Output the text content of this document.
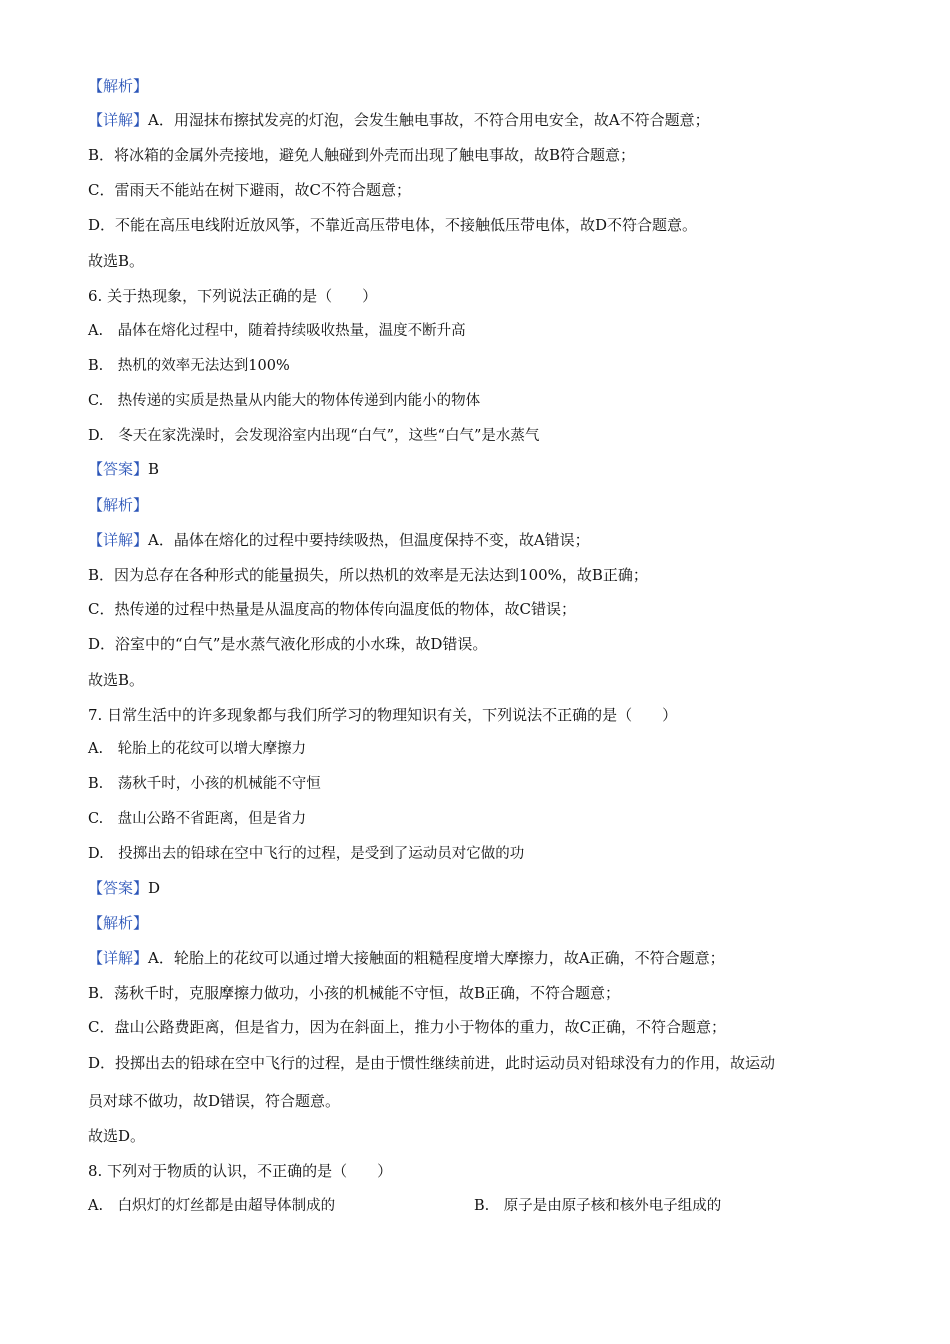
【解析】
【详解】A．用湿抹布擦拭发亮的灯泡，会发生触电事故，不符合用电安全，故A不符合题意；
B．将冰箱的金属外壳接地，避免人触碰到外壳而出现了触电事故，故B符合题意；
C．雷雨天不能站在树下避雨，故C不符合题意；
D．不能在高压电线附近放风筝，不靠近高压带电体，不接触低压带电体，故D不符合题意。
故选B。
6. 关于热现象，下列说法正确的是（　　）
A.　晶体在熔化过程中，随着持续吸收热量，温度不断升高
B.　热机的效率无法达到100%
C.　热传递的实质是热量从内能大的物体传递到内能小的物体
D.　冬天在家洗澡时，会发现浴室内出现“白气”，这些“白气”是水蒸气
【答案】B
【解析】
【详解】A．晶体在熔化的过程中要持续吸热，但温度保持不变，故A错误；
B．因为总存在各种形式的能量损失，所以热机的效率是无法达到100%，故B正确；
C．热传递的过程中热量是从温度高的物体传向温度低的物体，故C错误；
D．浴室中的“白气”是水蒸气液化形成的小水珠，故D错误。
故选B。
7. 日常生活中的许多现象都与我们所学习的物理知识有关，下列说法不正确的是（　　）
A.　轮胎上的花纹可以增大摩擦力
B.　荡秋千时，小孩的机械能不守恒
C.　盘山公路不省距离，但是省力
D.　投掷出去的铅球在空中飞行的过程，是受到了运动员对它做的功
【答案】D
【解析】
【详解】A．轮胎上的花纹可以通过增大接触面的粗糙程度增大摩擦力，故A正确，不符合题意；
B．荡秋千时，克服摩擦力做功，小孩的机械能不守恒，故B正确，不符合题意；
C．盘山公路费距离，但是省力，因为在斜面上，推力小于物体的重力，故C正确，不符合题意；
D．投掷出去的铅球在空中飞行的过程，是由于惯性继续前进，此时运动员对铅球没有力的作用，故运动
员对球不做功，故D错误，符合题意。
故选D。
8. 下列对于物质的认识，不正确的是（　　）
A.　白炽灯的灯丝都是由超导体制成的	B.　原子是由原子核和核外电子组成的
